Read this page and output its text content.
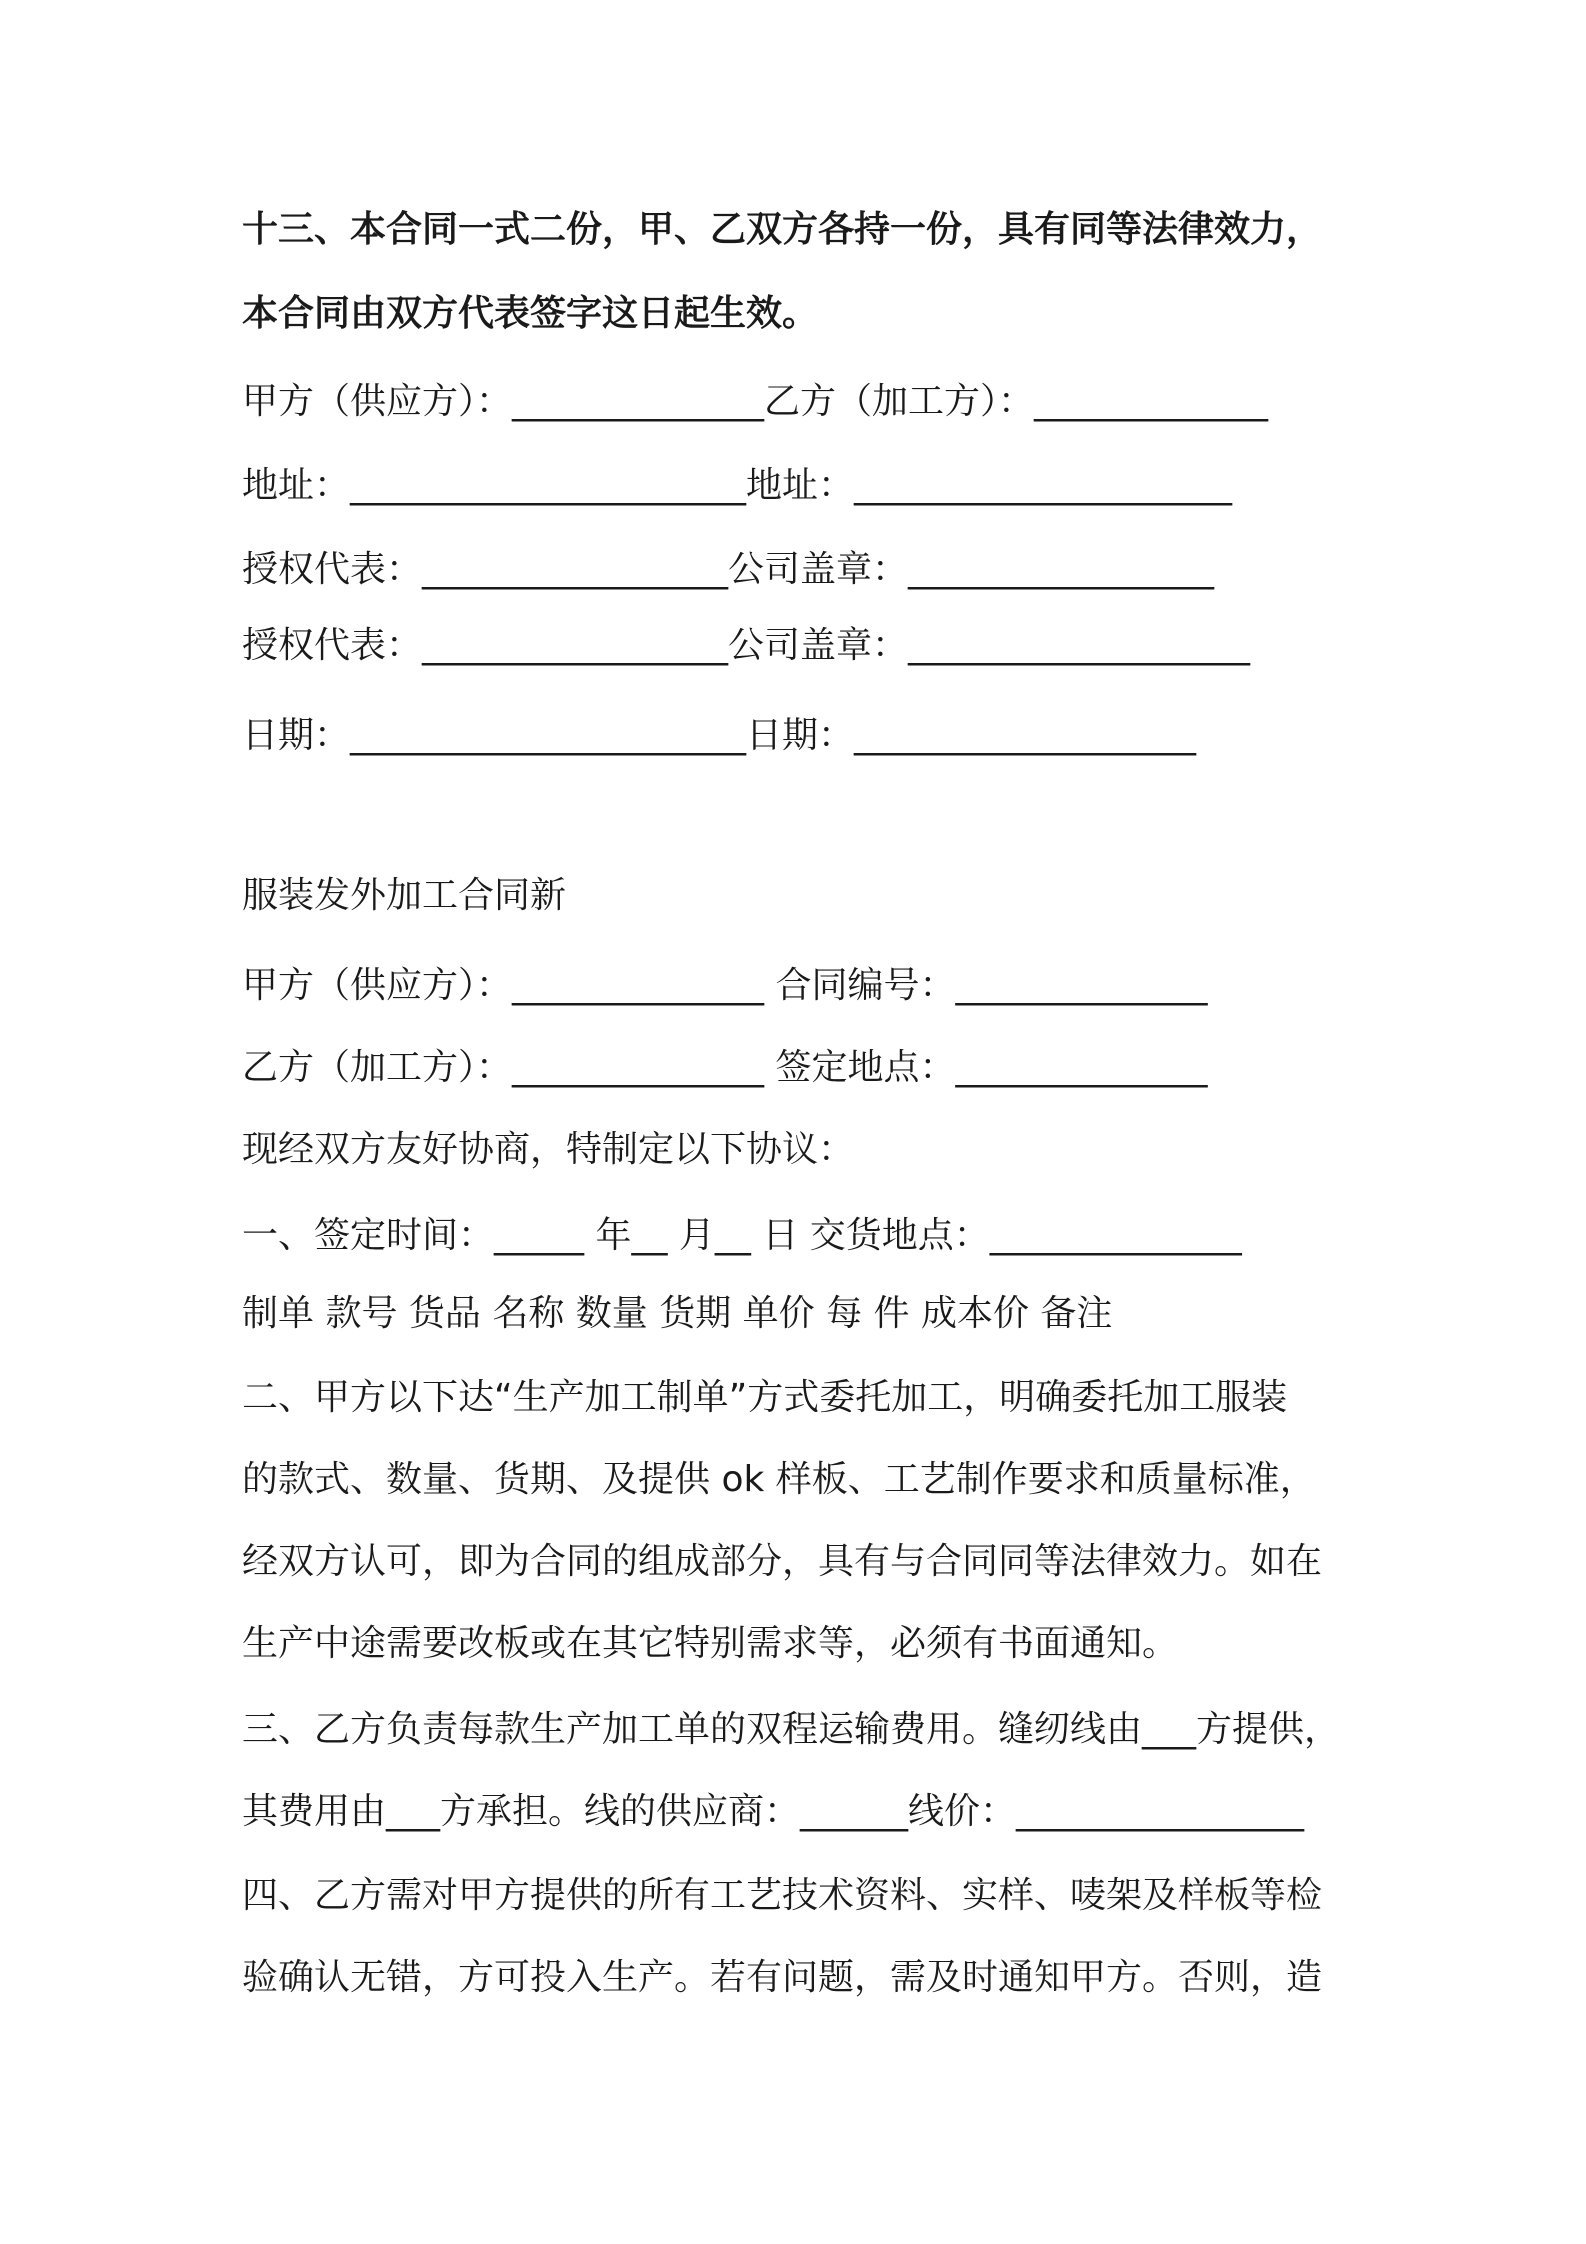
十三、本合同一式二份，甲、乙双方各持一份，具有同等法律效力，
本合同由双方代表签字这日起生效。
甲方（供应方）：______________乙方（加工方）：_____________
地址：______________________地址：_____________________
授权代表：_________________公司盖章：_________________
授权代表：_________________公司盖章：___________________
日期：______________________日期：___________________
服装发外加工合同新
甲方（供应方）：______________ 合同编号：______________
乙方（加工方）：______________ 签定地点：______________
现经双方友好协商，特制定以下协议：
一、签定时间：_____ 年__ 月__ 日 交货地点：______________
制单 款号 货品 名称 数量 货期 单价 每 件 成本价 备注
二、甲方以下达“生产加工制单”方式委托加工，明确委托加工服装
的款式、数量、货期、及提供 ok 样板、工艺制作要求和质量标准，
经双方认可，即为合同的组成部分，具有与合同同等法律效力。如在
生产中途需要改板或在其它特别需求等，必须有书面通知。
三、乙方负责每款生产加工单的双程运输费用。缝纫线由___方提供，
其费用由___方承担。线的供应商：______线价：________________
四、乙方需对甲方提供的所有工艺技术资料、实样、唛架及样板等检
验确认无错，方可投入生产。若有问题，需及时通知甲方。否则，造
